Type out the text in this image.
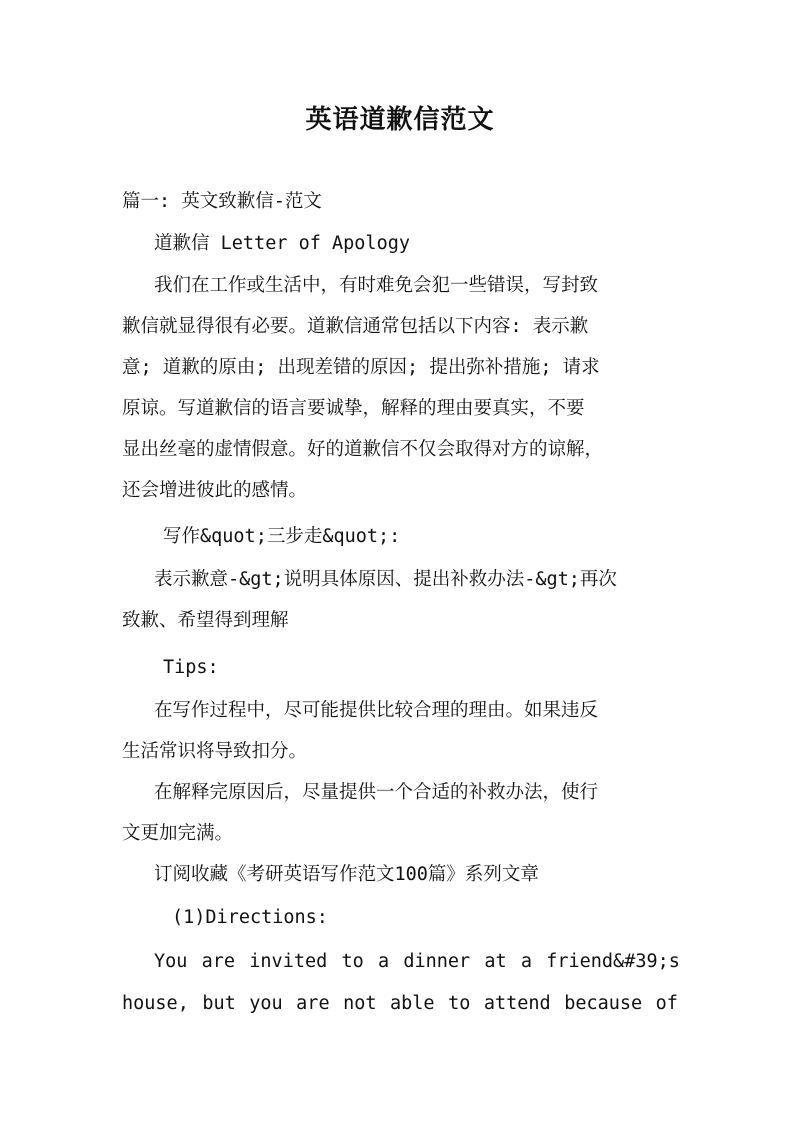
英语道歉信范文
篇一: 英文致歉信-范文
道歉信 Letter of Apology
我们在工作或生活中，有时难免会犯一些错误，写封致
歉信就显得很有必要。道歉信通常包括以下内容: 表示歉
意; 道歉的原由; 出现差错的原因; 提出弥补措施; 请求
原谅。写道歉信的语言要诚挚，解释的理由要真实，不要
显出丝毫的虚情假意。好的道歉信不仅会取得对方的谅解，
还会增进彼此的感情。
写作&quot;三步走&quot;:
表示歉意-&gt;说明具体原因、提出补救办法-&gt;再次
致歉、希望得到理解
Tips:
在写作过程中，尽可能提供比较合理的理由。如果违反
生活常识将导致扣分。
在解释完原因后，尽量提供一个合适的补救办法，使行
文更加完满。
订阅收藏《考研英语写作范文100篇》系列文章
(1)Directions:
You are invited to a dinner at a friend&#39;s
house, but you are not able to attend because of
